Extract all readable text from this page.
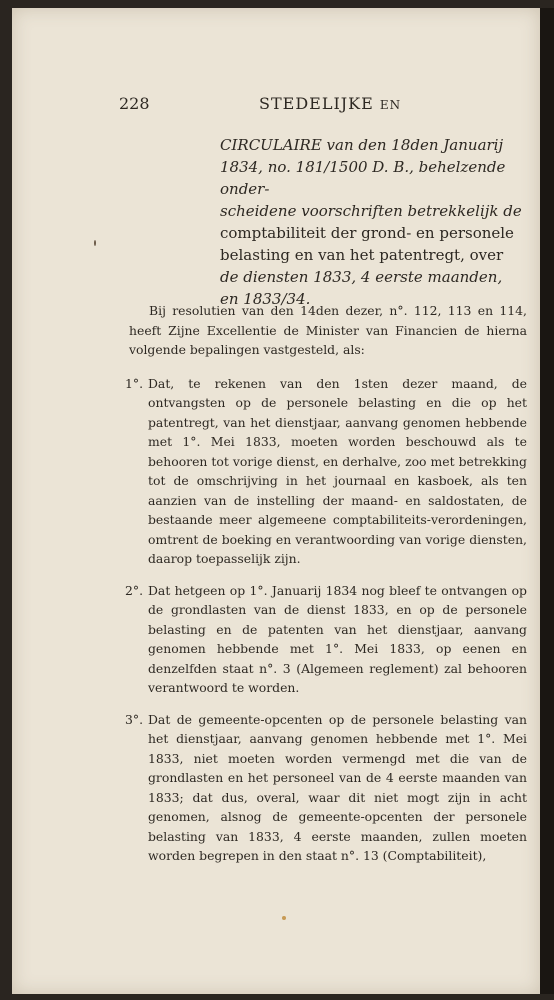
228	STEDELIJKE EN

CIRCULAIRE van den 18den Januarij

1834, no. 181/1500 D. B., behelzende onder-

scheidene voorschriften betrekkelijk de

comptabiliteit der grond- en personele

belasting en van het patentregt, over

de diensten 1833, 4 eerste maanden,

en 1833/34.

Bij resolutien van den 14den dezer, n°. 112, 113 en 114, heeft Zijne Excellentie de Minister van Financien de hierna volgende bepalingen vastgesteld, als:

1°. Dat, te rekenen van den 1sten dezer maand, de ontvangsten op de personele belasting en die op het patentregt, van het dienstjaar, aanvang genomen hebbende met 1°. Mei 1833, moeten worden beschouwd als te behooren tot vorige dienst, en derhalve, zoo met betrekking tot de omschrijving in het journaal en kasboek, als ten aanzien van de instelling der maand- en saldostaten, de bestaande meer algemeene comptabiliteits-verordeningen, omtrent de boeking en verantwoording van vorige diensten, daarop toepasselijk zijn.

2°. Dat hetgeen op 1°. Januarij 1834 nog bleef te ontvangen op de grondlasten van de dienst 1833, en op de personele belasting en de patenten van het dienstjaar, aanvang genomen hebbende met 1°. Mei 1833, op eenen en denzelfden staat n°. 3 (Algemeen reglement) zal behooren verantwoord te worden.

3°. Dat de gemeente-opcenten op de personele belasting van het dienstjaar, aanvang genomen hebbende met 1°. Mei 1833, niet moeten worden vermengd met die van de grondlasten en het personeel van de 4 eerste maanden van 1833; dat dus, overal, waar dit niet mogt zijn in acht genomen, alsnog de gemeente-opcenten der personele belasting van 1833, 4 eerste maanden, zullen moeten worden begrepen in den staat n°. 13 (Comptabiliteit),
